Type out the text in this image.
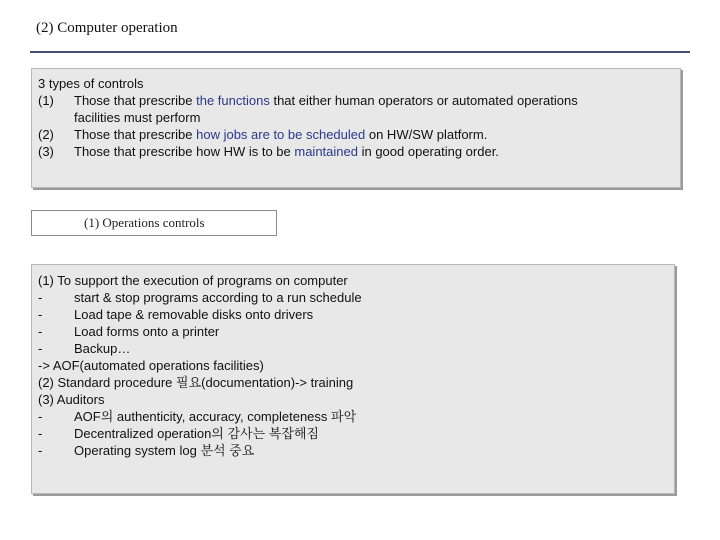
(2) Computer operation
3 types of controls
(1) Those that prescribe the functions that either human operators or automated operations
facilities must perform
(2) Those that prescribe how jobs are to be scheduled on HW/SW platform.
(3) Those that prescribe how HW is to be maintained in good operating order.
(1) Operations controls
(1) To support the execution of programs on computer
- start & stop programs according to a run schedule
- Load tape & removable disks onto drivers
- Load forms onto a printer
- Backup…
-> AOF(automated operations facilities)
(2) Standard procedure 필요(documentation)-> training
(3) Auditors
- AOF의 authenticity, accuracy, completeness 파악
- Decentralized operation의 감사는 복잡해짐
- Operating system log 분석 중요
